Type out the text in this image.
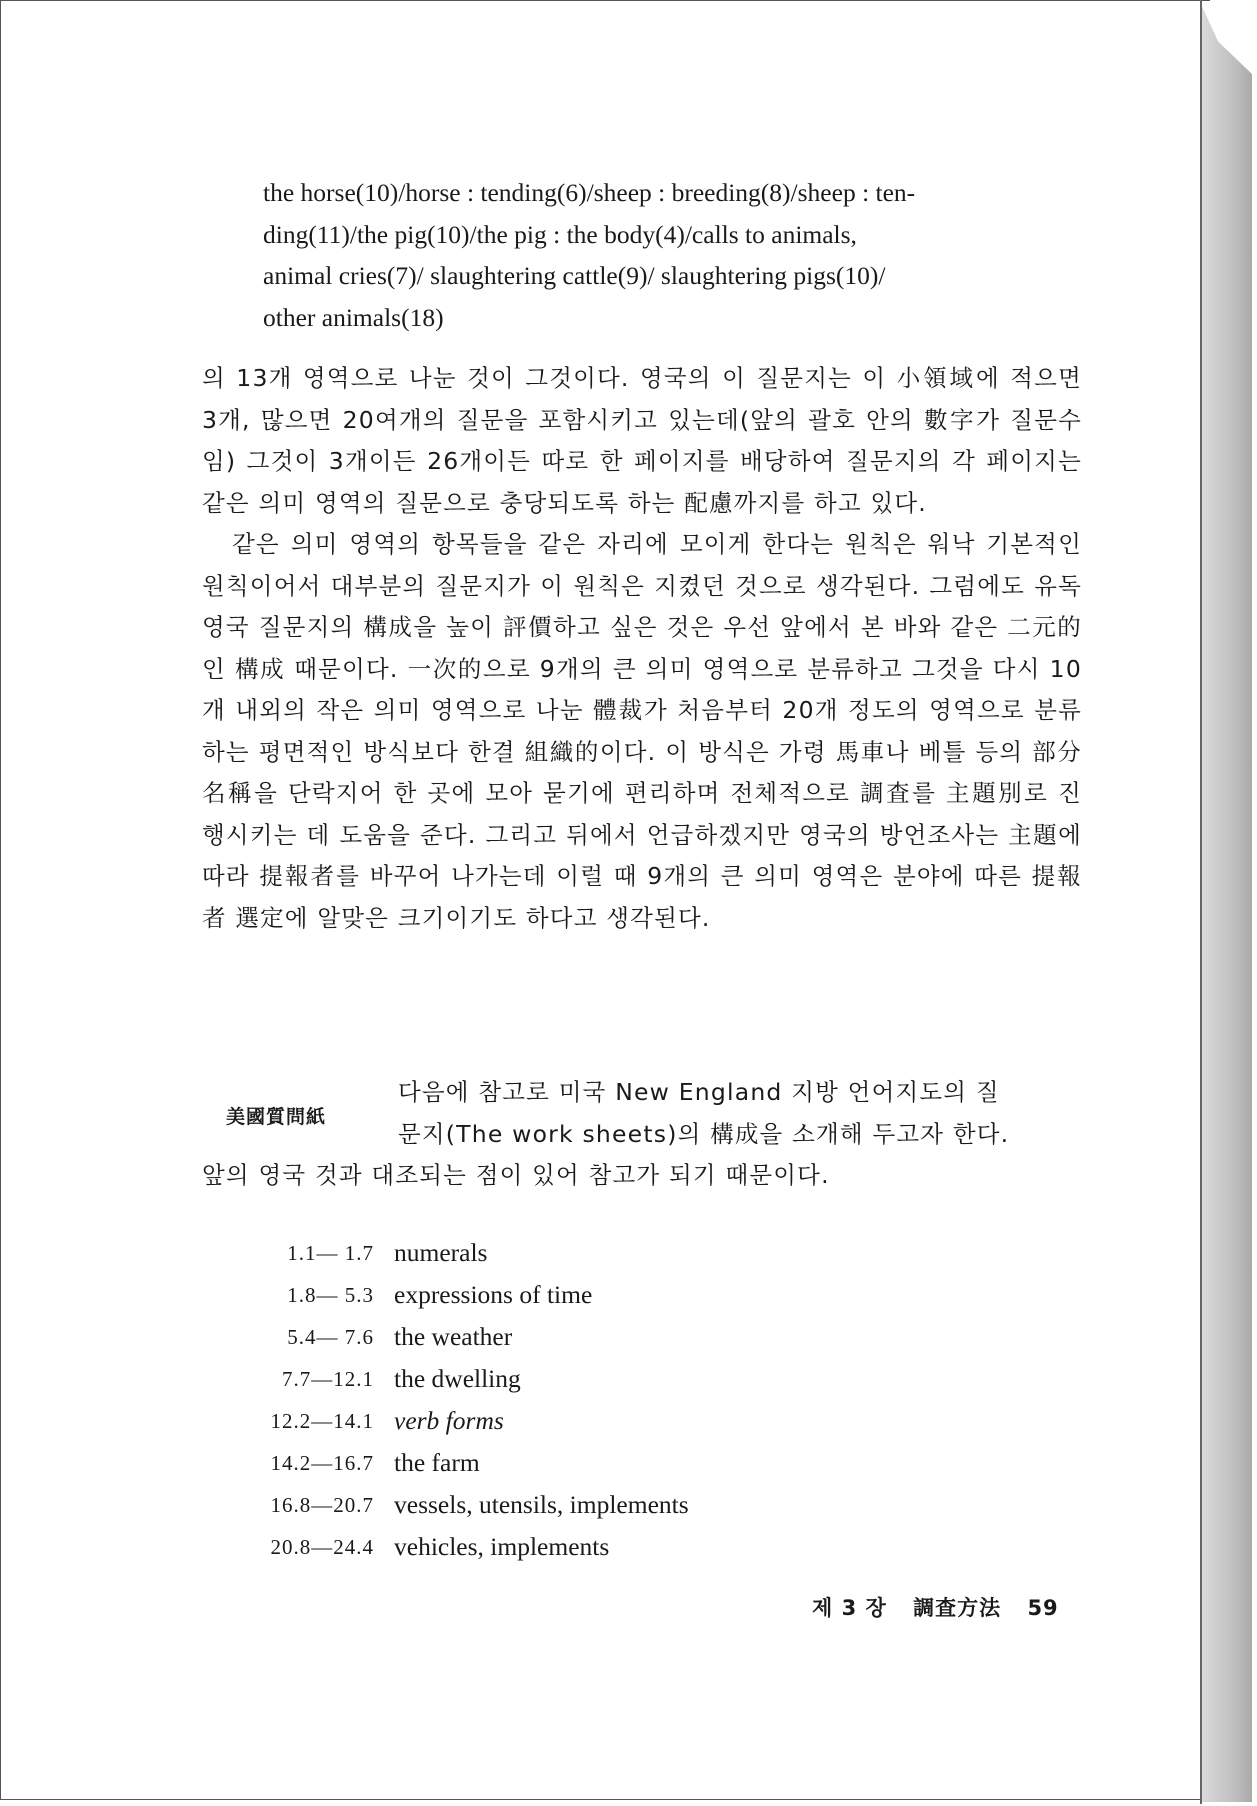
the horse(10)/horse : tending(6)/sheep : breeding(8)/sheep : ten-

ding(11)/the pig(10)/the pig : the body(4)/calls to animals,

animal cries(7)/ slaughtering cattle(9)/ slaughtering pigs(10)/

other animals(18)

의 13개 영역으로 나눈 것이 그것이다. 영국의 이 질문지는 이 小領域에 적으면 3개, 많으면 20여개의 질문을 포함시키고 있는데(앞의 괄호 안의 數字가 질문수임) 그것이 3개이든 26개이든 따로 한 페이지를 배당하여 질문지의 각 페이지는 같은 의미 영역의 질문으로 충당되도록 하는 配慮까지를 하고 있다.

같은 의미 영역의 항목들을 같은 자리에 모이게 한다는 원칙은 워낙 기본적인 원칙이어서 대부분의 질문지가 이 원칙은 지켰던 것으로 생각된다. 그럼에도 유독 영국 질문지의 構成을 높이 評價하고 싶은 것은 우선 앞에서 본 바와 같은 二元的인 構成 때문이다. 一次的으로 9개의 큰 의미 영역으로 분류하고 그것을 다시 10개 내외의 작은 의미 영역으로 나눈 體裁가 처음부터 20개 정도의 영역으로 분류하는 평면적인 방식보다 한결 組織的이다. 이 방식은 가령 馬車나 베틀 등의 部分名稱을 단락지어 한 곳에 모아 묻기에 편리하며 전체적으로 調査를 主題別로 진행시키는 데 도움을 준다. 그리고 뒤에서 언급하겠지만 영국의 방언조사는 主題에 따라 提報者를 바꾸어 나가는데 이럴 때 9개의 큰 의미 영역은 분야에 따른 提報者 選定에 알맞은 크기이기도 하다고 생각된다.

美國質問紙
다음에 참고로 미국 New England 지방 언어지도의 질
문지(The work sheets)의 構成을 소개해 두고자 한다.
앞의 영국 것과 대조되는 점이 있어 참고가 되기 때문이다.
1.1— 1.7 numerals
1.8— 5.3 expressions of time
5.4— 7.6 the weather
7.7—12.1 the dwelling
12.2—14.1 verb forms
14.2—16.7 the farm
16.8—20.7 vessels, utensils, implements
20.8—24.4 vehicles, implements
제 3 장 調査方法 59
